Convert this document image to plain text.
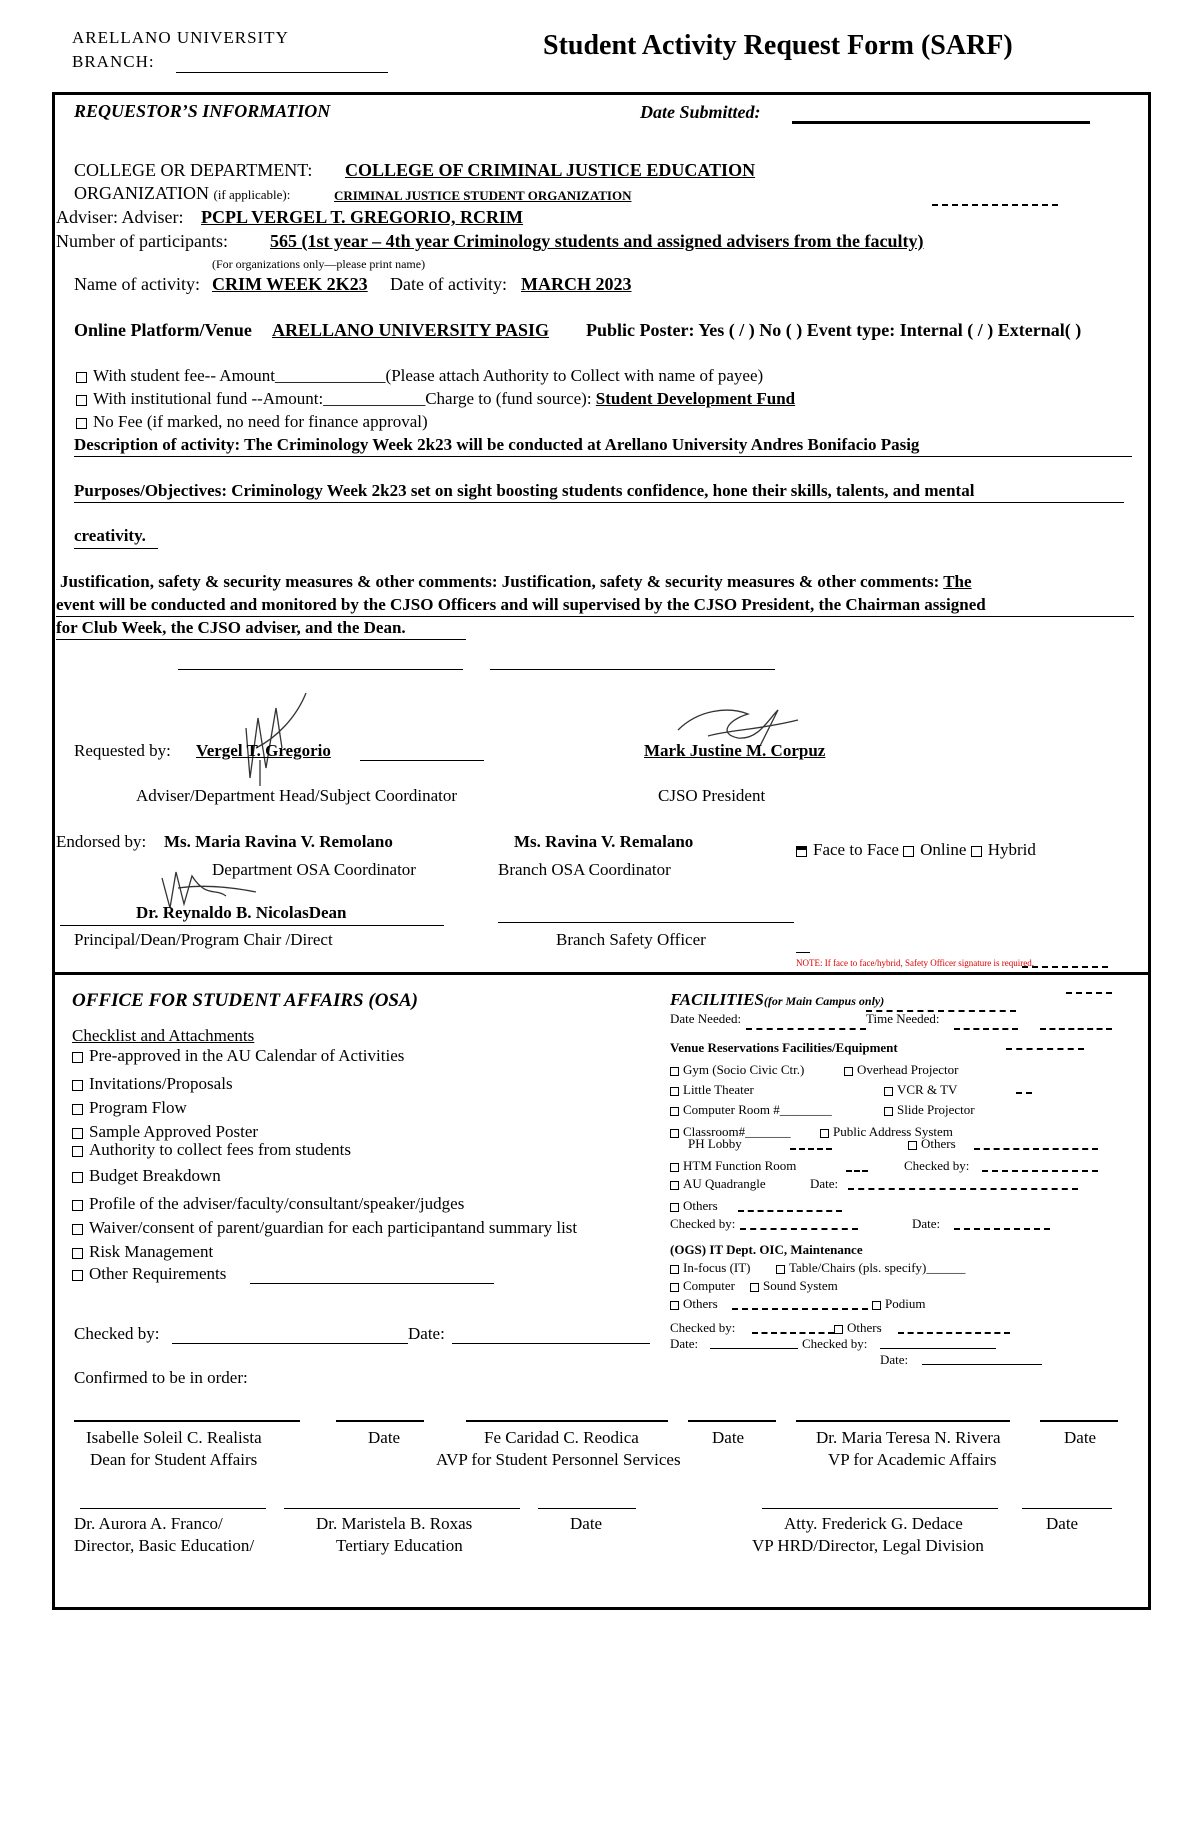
ARELLANO UNIVERSITY
BRANCH:
Student Activity Request Form (SARF)
REQUESTOR’S INFORMATION	Date Submitted:
COLLEGE OR DEPARTMENT: COLLEGE OF CRIMINAL JUSTICE EDUCATION
ORGANIZATION (if applicable):	CRIMINAL JUSTICE STUDENT ORGANIZATION
Adviser: Adviser: PCPL VERGEL T. GREGORIO, RCRIM
Number of participants: 565 (1st year – 4th year Criminology students and assigned advisers from the faculty)
(For organizations only—please print name)
Name of activity: CRIM WEEK 2K23 Date of activity: MARCH 2023
Online Platform/Venue ARELLANO UNIVERSITY PASIG Public Poster: Yes ( / ) No ( ) Event type: Internal ( / ) External( )
With student fee-- Amount_____________(Please attach Authority to Collect with name of payee)
With institutional fund --Amount:____________Charge to (fund source): Student Development Fund
No Fee (if marked, no need for finance approval)
Description of activity: The Criminology Week 2k23 will be conducted at Arellano University Andres Bonifacio Pasig
Purposes/Objectives: Criminology Week 2k23 set on sight boosting students confidence, hone their skills, talents, and mental
creativity.
Justification, safety & security measures & other comments: Justification, safety & security measures & other comments: The
event will be conducted and monitored by the CJSO Officers and will supervised by the CJSO President, the Chairman assigned
for Club Week, the CJSO adviser, and the Dean.
Requested by: Vergel T. Gregorio
Adviser/Department Head/Subject Coordinator
Mark Justine M. Corpuz
CJSO President
Endorsed by: Ms. Maria Ravina V. Remolano
Department OSA Coordinator
Ms. Ravina V. Remalano
Branch OSA Coordinator
Face to Face Online Hybrid
Dr. Reynaldo B. NicolasDean
Principal/Dean/Program Chair /Direct	Branch Safety Officer
NOTE: If face to face/hybrid, Safety Officer signature is required.
OFFICE FOR STUDENT AFFAIRS (OSA)
Checklist and Attachments
Pre-approved in the AU Calendar of Activities
Invitations/Proposals
Program Flow
Sample Approved Poster
Authority to collect fees from students
Budget Breakdown
Profile of the adviser/faculty/consultant/speaker/judges
Waiver/consent of parent/guardian for each participantand summary list
Risk Management
Other Requirements
Checked by:	Date:
Confirmed to be in order:
FACILITIES(for Main Campus only)
Date Needed:	Time Needed:
Venue Reservations Facilities/Equipment
Gym (Socio Civic Ctr.)	Overhead Projector
Little Theater	VCR & TV
Computer Room #________	Slide Projector
Classroom#_______	Public Address System
PH Lobby	Others
HTM Function Room	Checked by:
AU Quadrangle	Date:
Others
Checked by:	Date:
(OGS) IT Dept. OIC, Maintenance
In-focus (IT)	Table/Chairs (pls. specify)______
Computer	Sound System
Others	Podium
Checked by:	Others
Date:	Checked by:
Date:
Isabelle Soleil C. Realista
Dean for Student Affairs
Date	Fe Caridad C. Reodica
AVP for Student Personnel Services
Date	Dr. Maria Teresa N. Rivera
VP for Academic Affairs
Date
Dr. Aurora A. Franco/
Director, Basic Education/
Dr. Maristela B. Roxas
Tertiary Education
Date	Atty. Frederick G. Dedace
VP HRD/Director, Legal Division
Date
